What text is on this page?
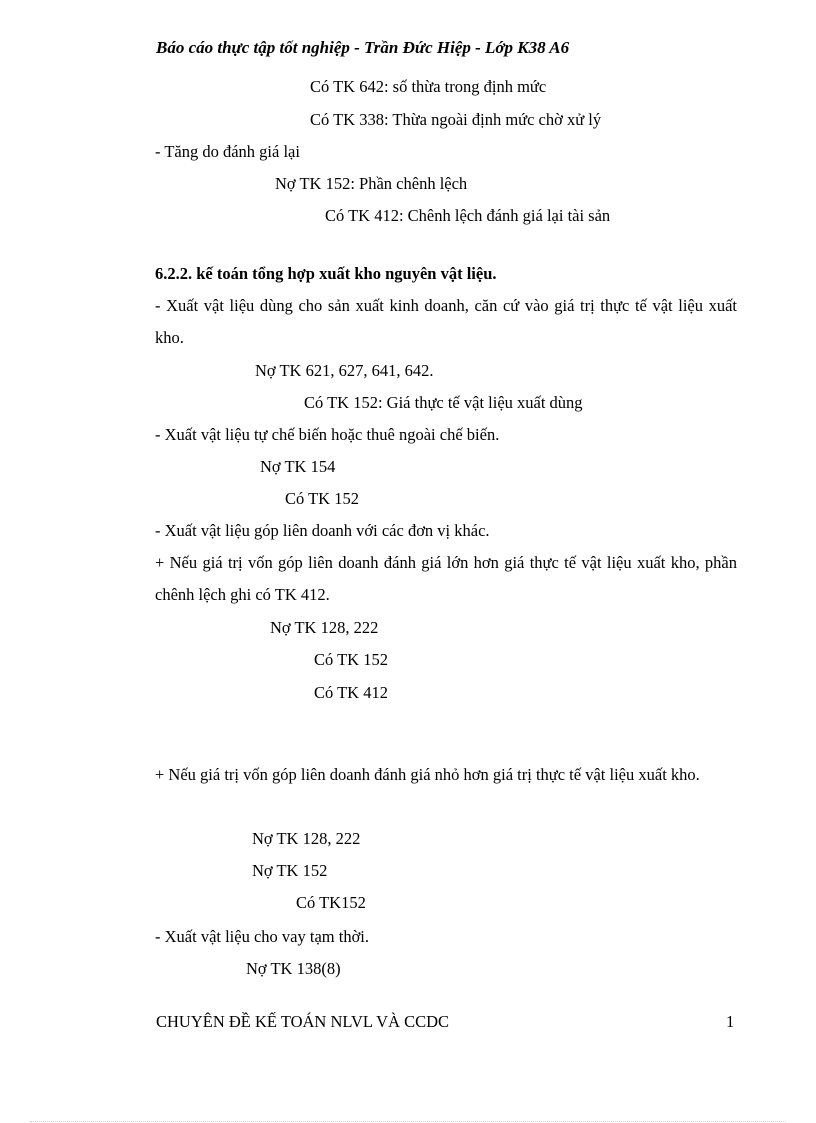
Báo cáo thực tập tốt nghiệp - Trần Đức Hiệp - Lớp K38 A6
Có TK 642: số thừa trong định mức
Có TK 338: Thừa ngoài định mức chờ xử lý
- Tăng do đánh giá lại
Nợ TK 152: Phần chênh lệch
Có TK 412: Chênh lệch đánh giá lại tài sản
6.2.2. kế toán tổng hợp xuất kho nguyên vật liệu.
- Xuất vật liệu dùng cho sản xuất kinh doanh, căn cứ vào giá trị thực tế vật liệu xuất kho.
Nợ TK 621, 627, 641, 642.
Có TK 152: Giá thực tế vật liệu xuất dùng
- Xuất vật liệu tự chế biến hoặc thuê ngoài chế biến.
Nợ TK 154
Có TK 152
- Xuất vật liệu góp liên doanh với các đơn vị khác.
+ Nếu giá trị vốn góp liên doanh đánh giá lớn hơn giá thực tế vật liệu xuất kho, phần chênh lệch ghi có TK 412.
Nợ TK 128, 222
Có TK 152
Có TK 412
+ Nếu giá trị vốn góp liên doanh đánh giá nhỏ hơn giá trị thực tế vật liệu xuất kho.
Nợ TK 128, 222
Nợ TK 152
Có TK152
- Xuất vật liệu cho vay tạm thời.
Nợ TK 138(8)
CHUYÊN ĐỀ KẾ TOÁN NLVL VÀ CCDC	1
